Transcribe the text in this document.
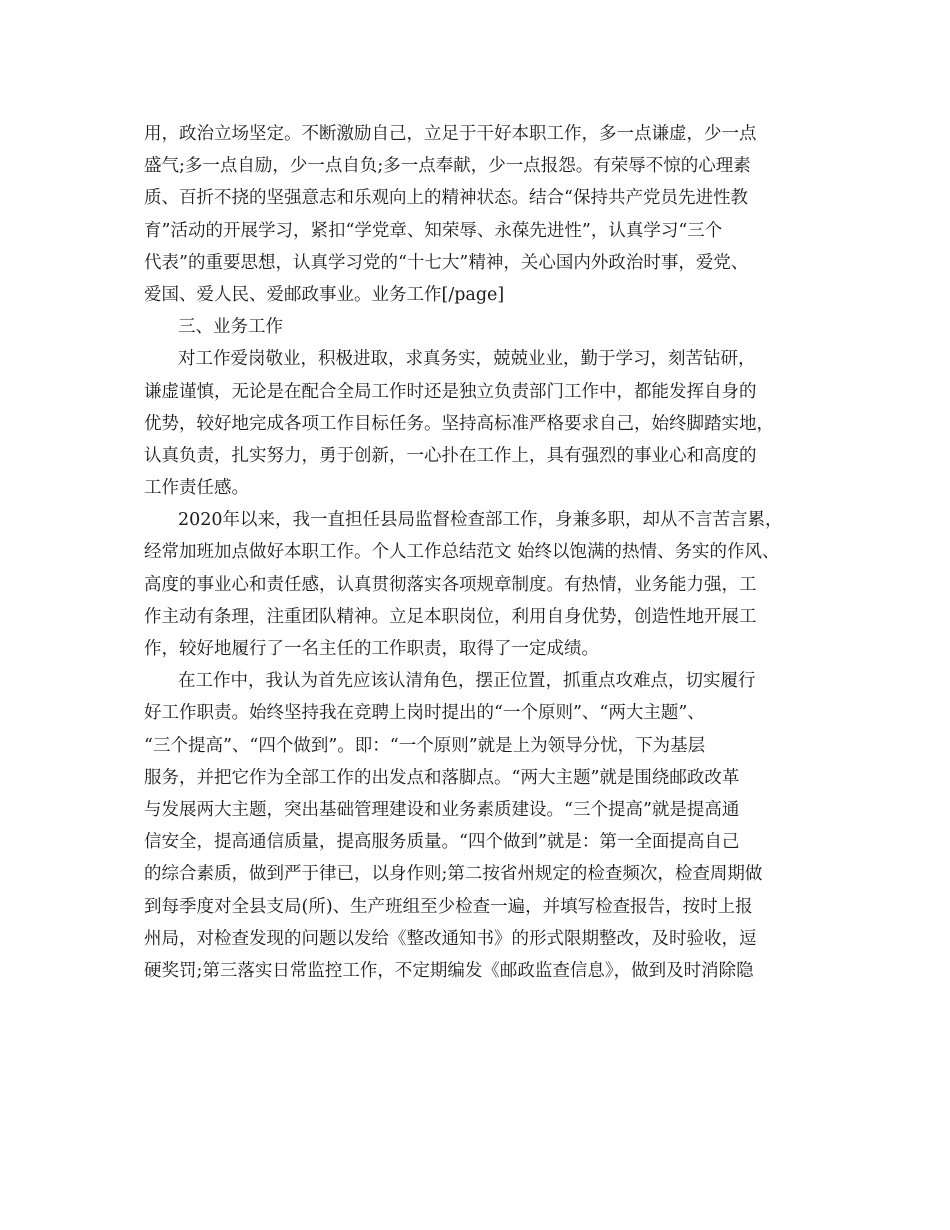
用，政治立场坚定。不断激励自己，立足于干好本职工作，多一点谦虚，少一点
盛气;多一点自励，少一点自负;多一点奉献，少一点报怨。有荣辱不惊的心理素
质、百折不挠的坚强意志和乐观向上的精神状态。结合“保持共产党员先进性教
育”活动的开展学习，紧扣“学党章、知荣辱、永葆先进性”，认真学习“三个
代表”的重要思想，认真学习党的“十七大”精神，关心国内外政治时事，爱党、
爱国、爱人民、爱邮政事业。业务工作[/page]
三、业务工作
对工作爱岗敬业，积极进取，求真务实，兢兢业业，勤于学习，刻苦钻研，
谦虚谨慎，无论是在配合全局工作时还是独立负责部门工作中，都能发挥自身的
优势，较好地完成各项工作目标任务。坚持高标准严格要求自己，始终脚踏实地，
认真负责，扎实努力，勇于创新，一心扑在工作上，具有强烈的事业心和高度的
工作责任感。
2020年以来，我一直担任县局监督检查部工作，身兼多职，却从不言苦言累，
经常加班加点做好本职工作。个人工作总结范文 始终以饱满的热情、务实的作风、
高度的事业心和责任感，认真贯彻落实各项规章制度。有热情，业务能力强，工
作主动有条理，注重团队精神。立足本职岗位，利用自身优势，创造性地开展工
作，较好地履行了一名主任的工作职责，取得了一定成绩。
在工作中，我认为首先应该认清角色，摆正位置，抓重点攻难点，切实履行
好工作职责。始终坚持我在竞聘上岗时提出的“一个原则”、“两大主题”、
“三个提高”、“四个做到”。即：“一个原则”就是上为领导分忧，下为基层
服务，并把它作为全部工作的出发点和落脚点。“两大主题”就是围绕邮政改革
与发展两大主题，突出基础管理建设和业务素质建设。“三个提高”就是提高通
信安全，提高通信质量，提高服务质量。“四个做到”就是：第一全面提高自己
的综合素质，做到严于律已，以身作则;第二按省州规定的检查频次，检查周期做
到每季度对全县支局(所)、生产班组至少检查一遍，并填写检查报告，按时上报
州局，对检查发现的问题以发给《整改通知书》的形式限期整改，及时验收，逗
硬奖罚;第三落实日常监控工作，不定期编发《邮政监查信息》，做到及时消除隐
